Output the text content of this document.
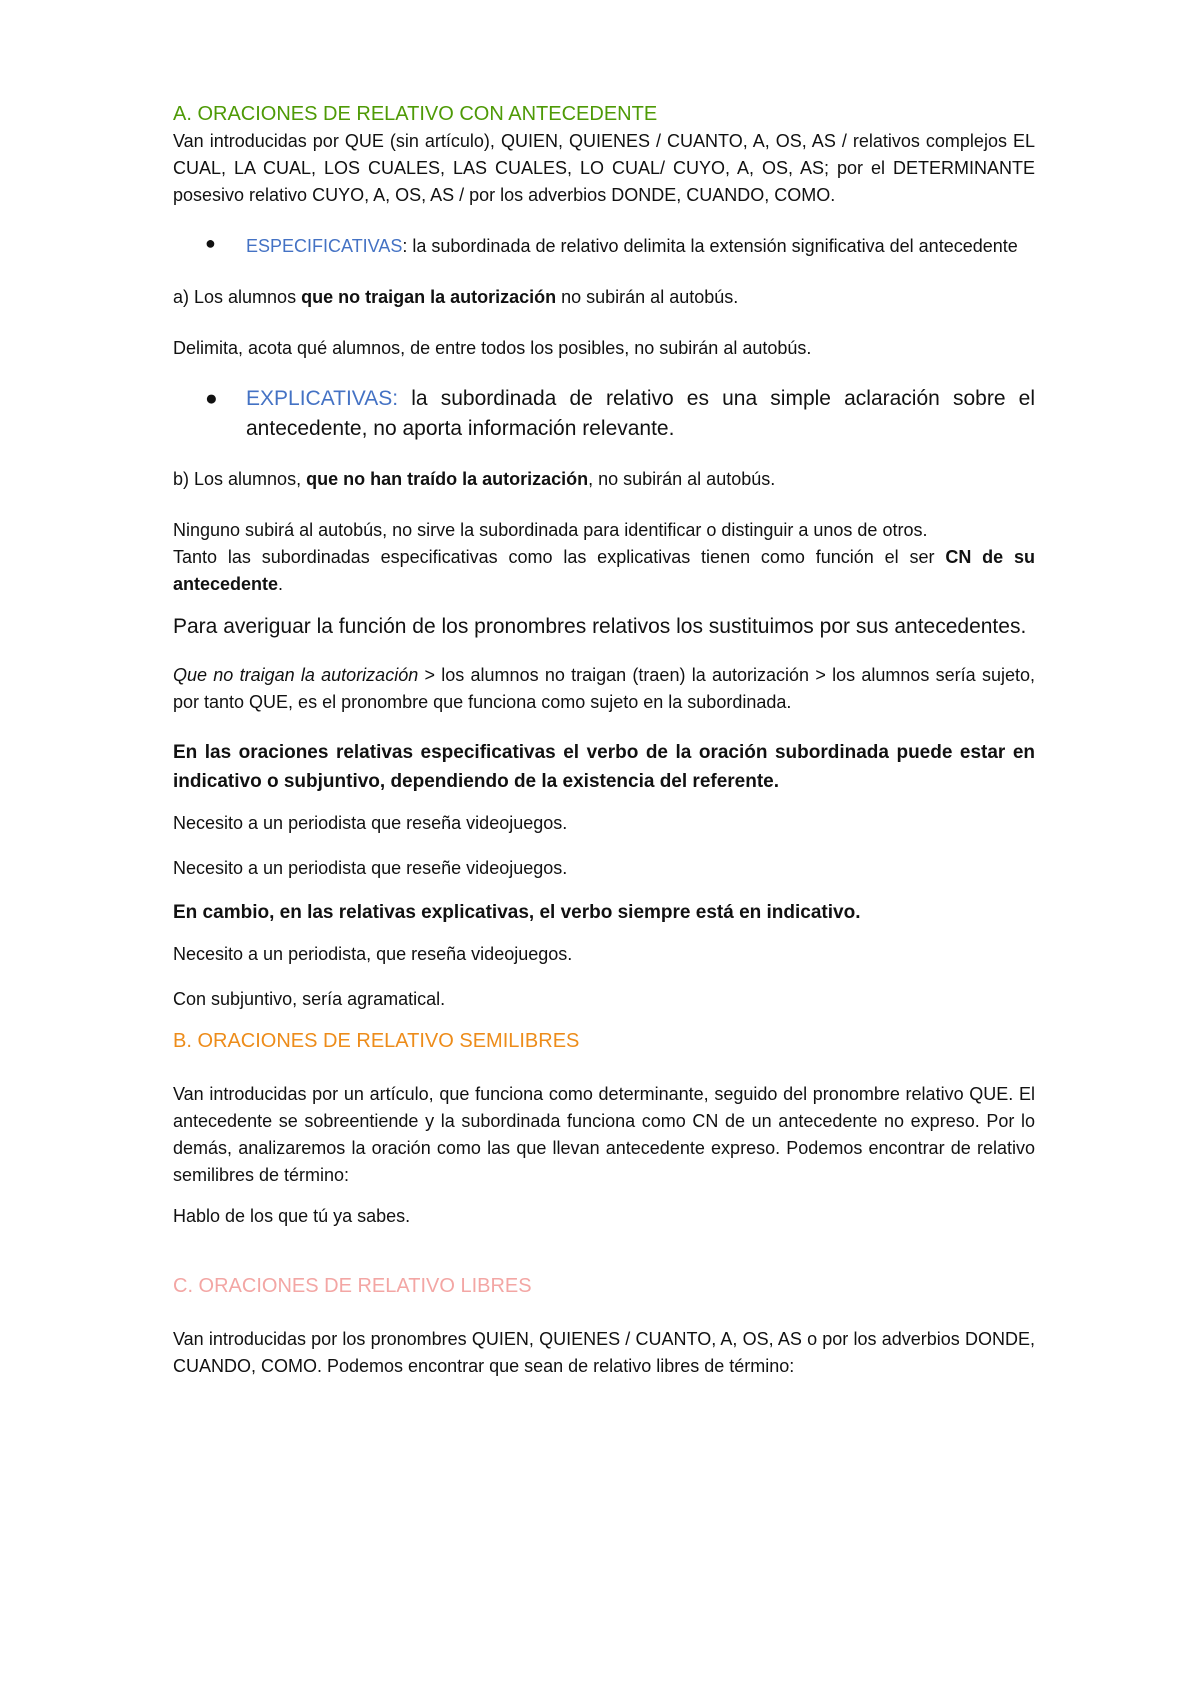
A. ORACIONES DE RELATIVO CON ANTECEDENTE

Van introducidas por QUE (sin artículo), QUIEN, QUIENES / CUANTO, A, OS, AS / relativos complejos EL CUAL, LA CUAL, LOS CUALES, LAS CUALES, LO CUAL/ CUYO, A, OS, AS; por el DETERMINANTE posesivo relativo CUYO, A, OS, AS / por los adverbios DONDE, CUANDO, COMO.

● ESPECIFICATIVAS: la subordinada de relativo delimita la extensión significativa del antecedente

a) Los alumnos que no traigan la autorización no subirán al autobús.

Delimita, acota qué alumnos, de entre todos los posibles, no subirán al autobús.

● EXPLICATIVAS: la subordinada de relativo es una simple aclaración sobre el antecedente, no aporta información relevante.

b) Los alumnos, que no han traído la autorización, no subirán al autobús.

Ninguno subirá al autobús, no sirve la subordinada para identificar o distinguir a unos de otros.

Tanto las subordinadas especificativas como las explicativas tienen como función el ser CN de su antecedente.

Para averiguar la función de los pronombres relativos los sustituimos por sus antecedentes.

Que no traigan la autorización > los alumnos no traigan (traen) la autorización > los alumnos sería sujeto, por tanto QUE, es el pronombre que funciona como sujeto en la subordinada.

En las oraciones relativas especificativas el verbo de la oración subordinada puede estar en indicativo o subjuntivo, dependiendo de la existencia del referente.

Necesito a un periodista que reseña videojuegos.

Necesito a un periodista que reseñe videojuegos.

En cambio, en las relativas explicativas, el verbo siempre está en indicativo.

Necesito a un periodista, que reseña videojuegos.

Con subjuntivo, sería agramatical.

B. ORACIONES DE RELATIVO SEMILIBRES

Van introducidas por un artículo, que funciona como determinante, seguido del pronombre relativo QUE. El antecedente se sobreentiende y la subordinada funciona como CN de un antecedente no expreso. Por lo demás, analizaremos la oración como las que llevan antecedente expreso. Podemos encontrar de relativo semilibres de término:

Hablo de los que tú ya sabes.

C. ORACIONES DE RELATIVO LIBRES

Van introducidas por los pronombres QUIEN, QUIENES / CUANTO, A, OS, AS o por los adverbios DONDE, CUANDO, COMO. Podemos encontrar que sean de relativo libres de término:
